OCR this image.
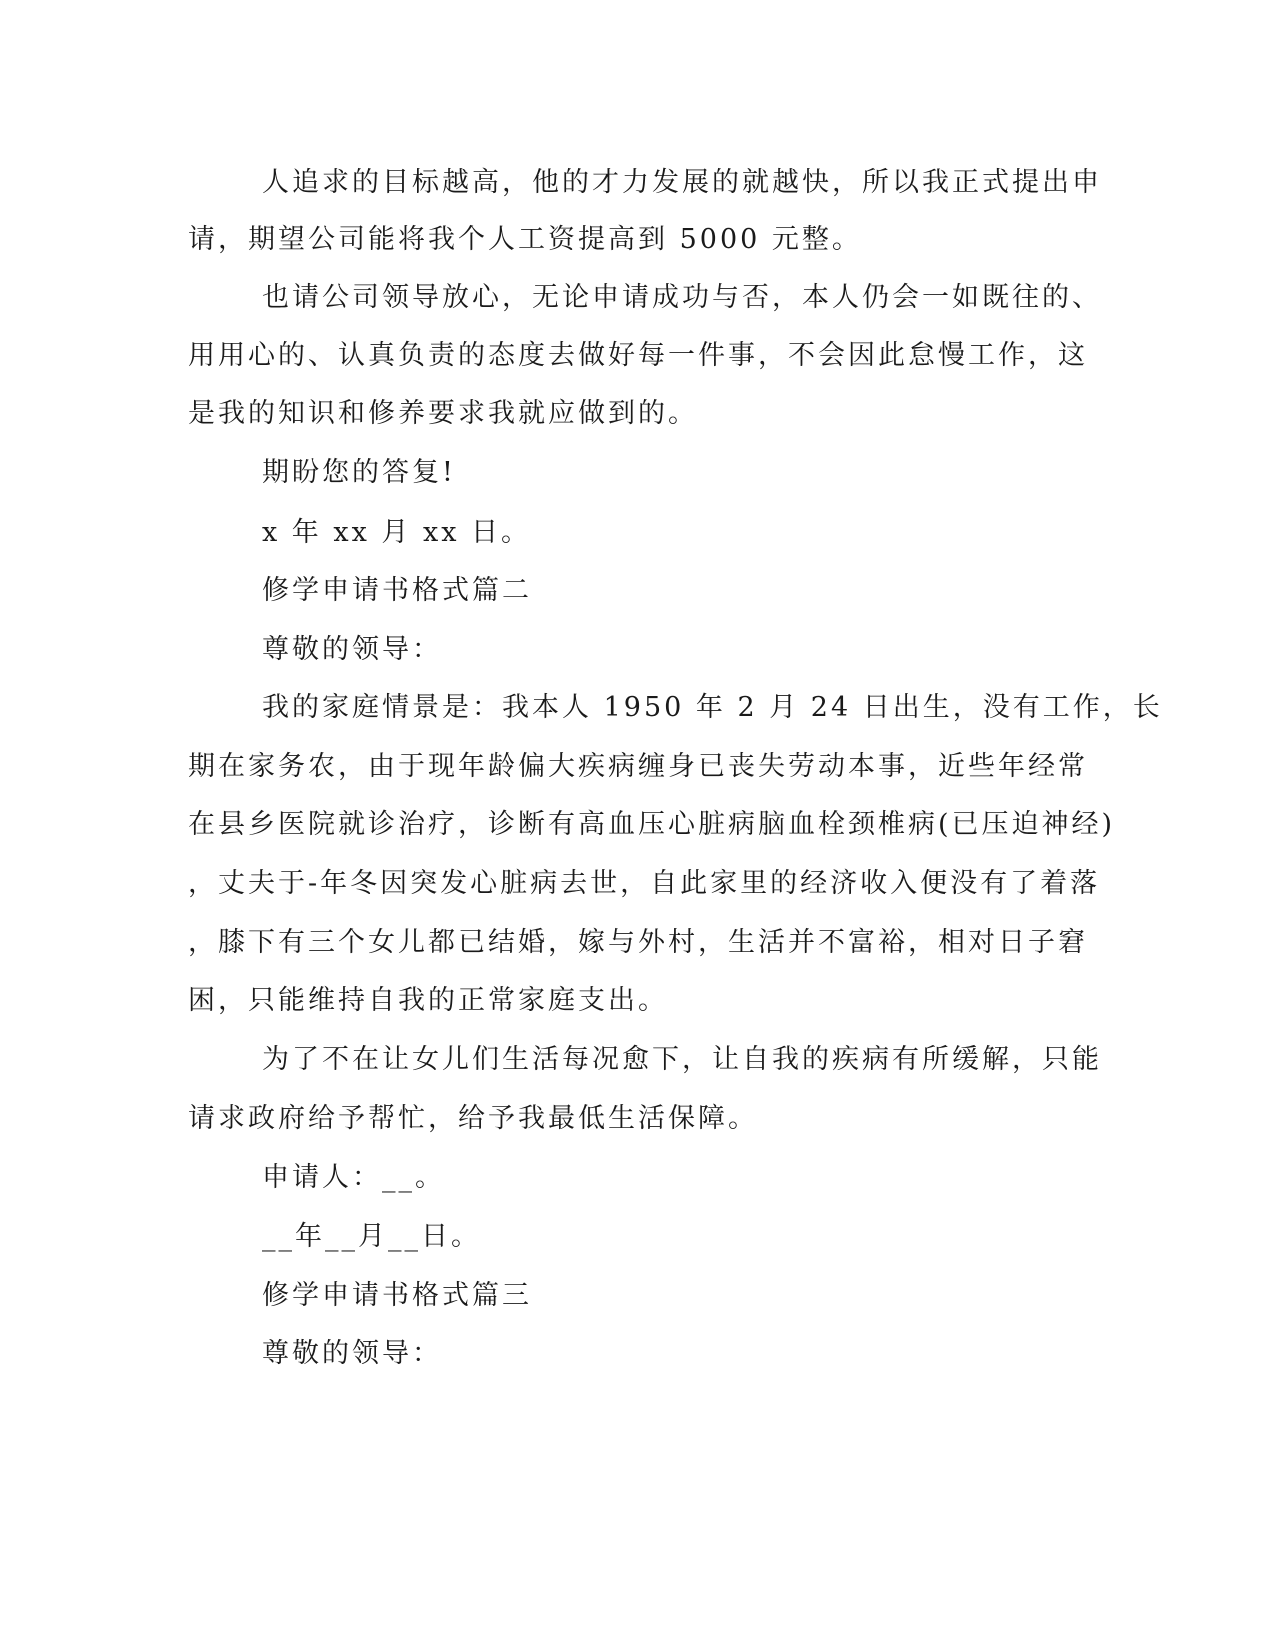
人追求的目标越高，他的才力发展的就越快，所以我正式提出申
请，期望公司能将我个人工资提高到 5000 元整。
也请公司领导放心，无论申请成功与否，本人仍会一如既往的、
用用心的、认真负责的态度去做好每一件事，不会因此怠慢工作，这
是我的知识和修养要求我就应做到的。
期盼您的答复!
x 年 xx 月 xx 日。
修学申请书格式篇二
尊敬的领导：
我的家庭情景是：我本人 1950 年 2 月 24 日出生，没有工作，长
期在家务农，由于现年龄偏大疾病缠身已丧失劳动本事，近些年经常
在县乡医院就诊治疗，诊断有高血压心脏病脑血栓颈椎病(已压迫神经)
，丈夫于-年冬因突发心脏病去世，自此家里的经济收入便没有了着落
，膝下有三个女儿都已结婚，嫁与外村，生活并不富裕，相对日子窘
困，只能维持自我的正常家庭支出。
为了不在让女儿们生活每况愈下，让自我的疾病有所缓解，只能
请求政府给予帮忙，给予我最低生活保障。
申请人：__。
__年__月__日。
修学申请书格式篇三
尊敬的领导：
